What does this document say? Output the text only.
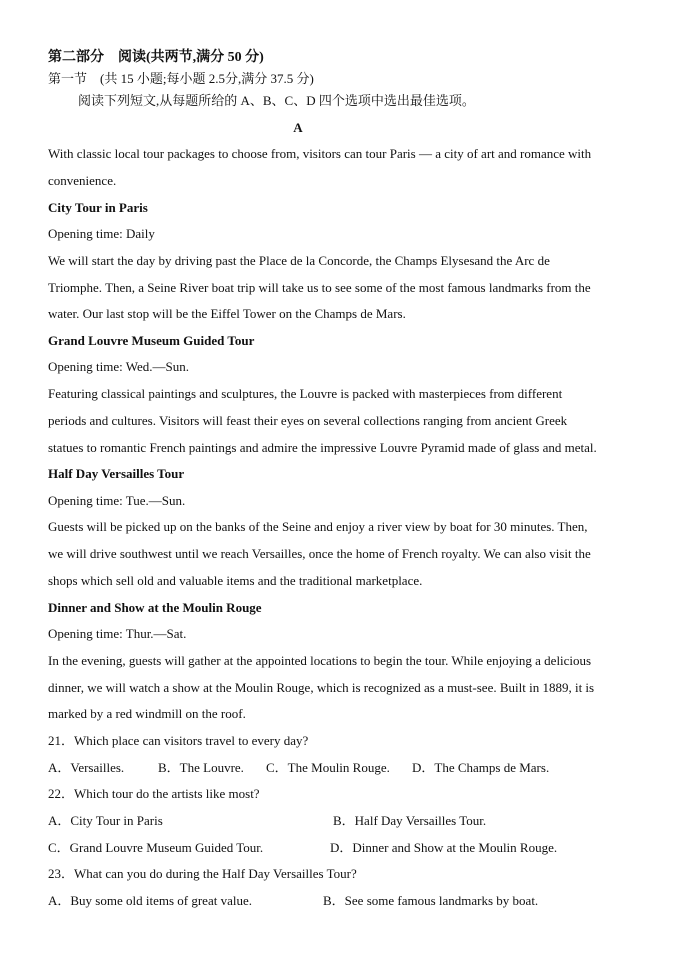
第二部分　阅读(共两节,满分 50 分)
第一节　(共 15 小题;每小题 2.5分,满分 37.5 分)
阅读下列短文,从每题所给的 A、B、C、D 四个选项中选出最佳选项。
A
With classic local tour packages to choose from, visitors can tour Paris — a city of art and romance with
convenience.
City Tour in Paris
Opening time: Daily
We will start the day by driving past the Place de la Concorde, the Champs Elysesand the Arc de
Triomphe. Then, a Seine River boat trip will take us to see some of the most famous landmarks from the
water. Our last stop will be the Eiffel Tower on the Champs de Mars.
Grand Louvre Museum Guided Tour
Opening time: Wed.—Sun.
Featuring classical paintings and sculptures, the Louvre is packed with masterpieces from different
periods and cultures. Visitors will feast their eyes on several collections ranging from ancient Greek
statues to romantic French paintings and admire the impressive Louvre Pyramid made of glass and metal.
Half Day Versailles Tour
Opening time: Tue.—Sun.
Guests will be picked up on the banks of the Seine and enjoy a river view by boat for 30 minutes. Then,
we will drive southwest until we reach Versailles, once the home of French royalty. We can also visit the
shops which sell old and valuable items and the traditional marketplace.
Dinner and Show at the Moulin Rouge
Opening time: Thur.—Sat.
In the evening, guests will gather at the appointed locations to begin the tour. While enjoying a delicious
dinner, we will watch a show at the Moulin Rouge, which is recognized as a must-see. Built in 1889, it is
marked by a red windmill on the roof.
21．Which place can visitors travel to every day?
A．Versailles.	B．The Louvre. C．The Moulin Rouge. D．The Champs de Mars.
22．Which tour do the artists like most?
A．City Tour in Paris	B．Half Day Versailles Tour.
C．Grand Louvre Museum Guided Tour.	D．Dinner and Show at the Moulin Rouge.
23．What can you do during the Half Day Versailles Tour?
A．Buy some old items of great value.	B．See some famous landmarks by boat.
